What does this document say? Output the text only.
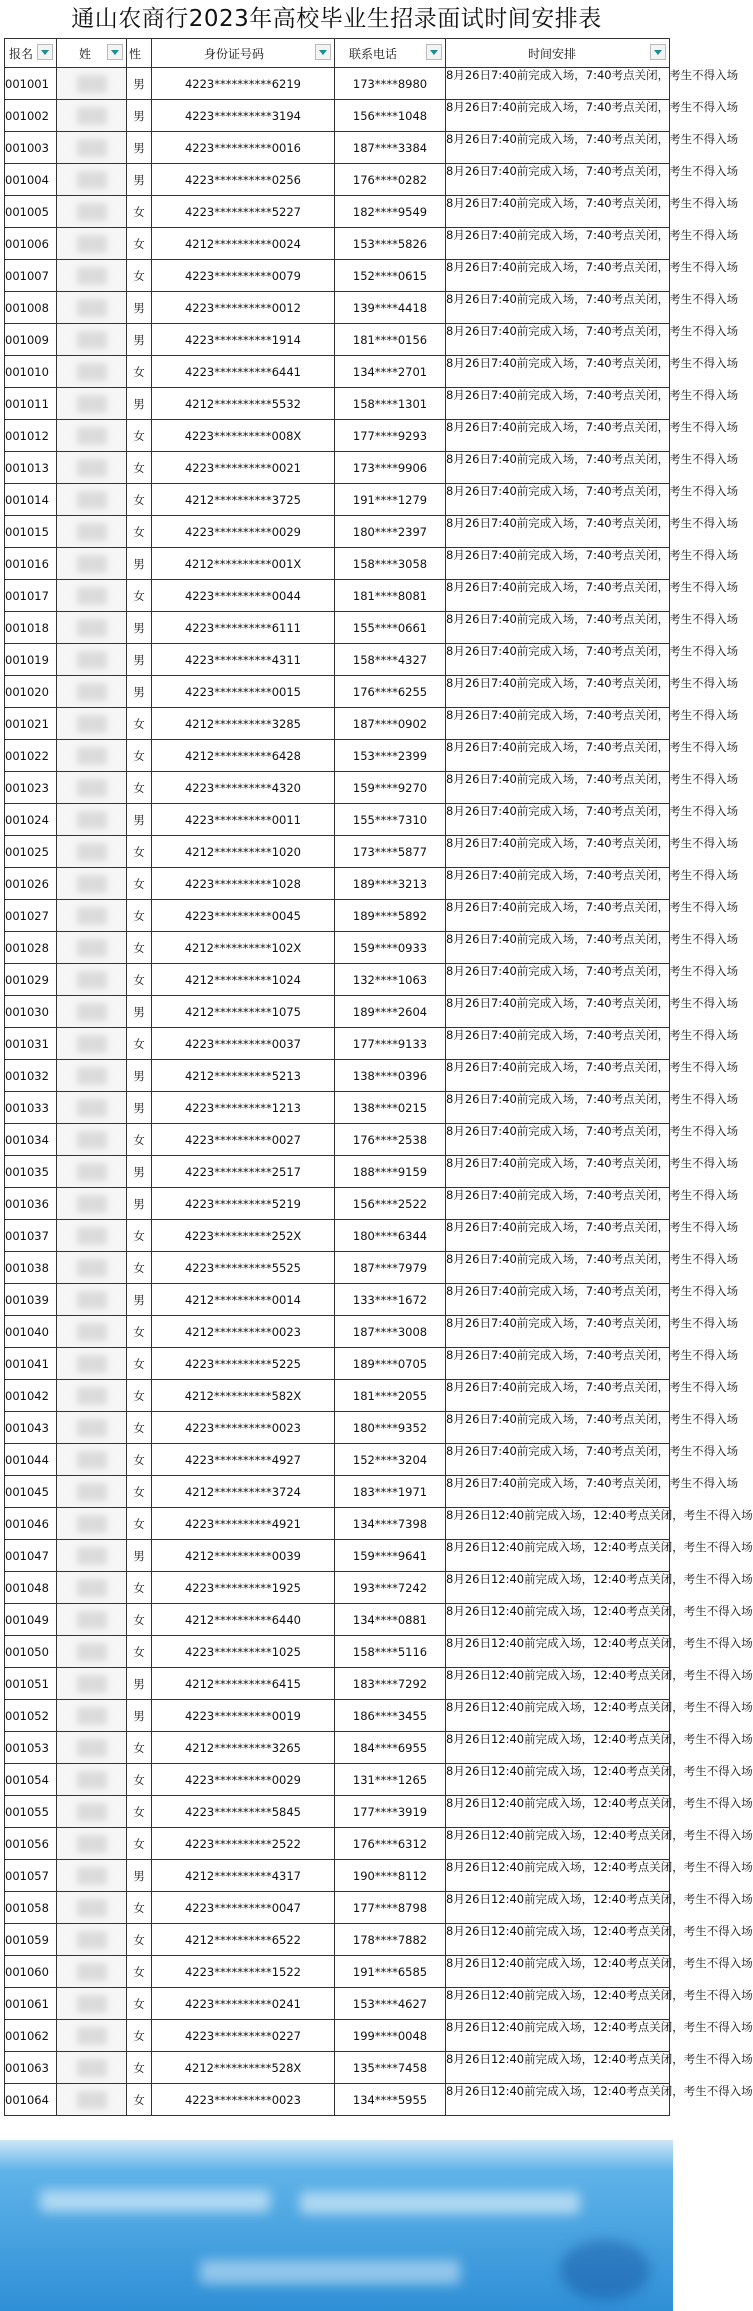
通山农商行2023年高校毕业生招录面试时间安排表
报名	姓	性	身份证号码	联系电话	时间安排

001001		男	4223**********6219	173****8980	8月26日7:40前完成入场，7:40考点关闭，考生不得入场
001002		男	4223**********3194	156****1048	8月26日7:40前完成入场，7:40考点关闭，考生不得入场
001003		男	4223**********0016	187****3384	8月26日7:40前完成入场，7:40考点关闭，考生不得入场
001004		男	4223**********0256	176****0282	8月26日7:40前完成入场，7:40考点关闭，考生不得入场
001005		女	4223**********5227	182****9549	8月26日7:40前完成入场，7:40考点关闭，考生不得入场
001006		女	4212**********0024	153****5826	8月26日7:40前完成入场，7:40考点关闭，考生不得入场
001007		女	4223**********0079	152****0615	8月26日7:40前完成入场，7:40考点关闭，考生不得入场
001008		男	4223**********0012	139****4418	8月26日7:40前完成入场，7:40考点关闭，考生不得入场
001009		男	4223**********1914	181****0156	8月26日7:40前完成入场，7:40考点关闭，考生不得入场
001010		女	4223**********6441	134****2701	8月26日7:40前完成入场，7:40考点关闭，考生不得入场
001011		男	4212**********5532	158****1301	8月26日7:40前完成入场，7:40考点关闭，考生不得入场
001012		女	4223**********008X	177****9293	8月26日7:40前完成入场，7:40考点关闭，考生不得入场
001013		女	4223**********0021	173****9906	8月26日7:40前完成入场，7:40考点关闭，考生不得入场
001014		女	4212**********3725	191****1279	8月26日7:40前完成入场，7:40考点关闭，考生不得入场
001015		女	4223**********0029	180****2397	8月26日7:40前完成入场，7:40考点关闭，考生不得入场
001016		男	4212**********001X	158****3058	8月26日7:40前完成入场，7:40考点关闭，考生不得入场
001017		女	4223**********0044	181****8081	8月26日7:40前完成入场，7:40考点关闭，考生不得入场
001018		男	4223**********6111	155****0661	8月26日7:40前完成入场，7:40考点关闭，考生不得入场
001019		男	4223**********4311	158****4327	8月26日7:40前完成入场，7:40考点关闭，考生不得入场
001020		男	4223**********0015	176****6255	8月26日7:40前完成入场，7:40考点关闭，考生不得入场
001021		女	4212**********3285	187****0902	8月26日7:40前完成入场，7:40考点关闭，考生不得入场
001022		女	4212**********6428	153****2399	8月26日7:40前完成入场，7:40考点关闭，考生不得入场
001023		女	4223**********4320	159****9270	8月26日7:40前完成入场，7:40考点关闭，考生不得入场
001024		男	4223**********0011	155****7310	8月26日7:40前完成入场，7:40考点关闭，考生不得入场
001025		女	4212**********1020	173****5877	8月26日7:40前完成入场，7:40考点关闭，考生不得入场
001026		女	4223**********1028	189****3213	8月26日7:40前完成入场，7:40考点关闭，考生不得入场
001027		女	4223**********0045	189****5892	8月26日7:40前完成入场，7:40考点关闭，考生不得入场
001028		女	4212**********102X	159****0933	8月26日7:40前完成入场，7:40考点关闭，考生不得入场
001029		女	4212**********1024	132****1063	8月26日7:40前完成入场，7:40考点关闭，考生不得入场
001030		男	4212**********1075	189****2604	8月26日7:40前完成入场，7:40考点关闭，考生不得入场
001031		女	4223**********0037	177****9133	8月26日7:40前完成入场，7:40考点关闭，考生不得入场
001032		男	4212**********5213	138****0396	8月26日7:40前完成入场，7:40考点关闭，考生不得入场
001033		男	4223**********1213	138****0215	8月26日7:40前完成入场，7:40考点关闭，考生不得入场
001034		女	4223**********0027	176****2538	8月26日7:40前完成入场，7:40考点关闭，考生不得入场
001035		男	4223**********2517	188****9159	8月26日7:40前完成入场，7:40考点关闭，考生不得入场
001036		男	4223**********5219	156****2522	8月26日7:40前完成入场，7:40考点关闭，考生不得入场
001037		女	4223**********252X	180****6344	8月26日7:40前完成入场，7:40考点关闭，考生不得入场
001038		女	4223**********5525	187****7979	8月26日7:40前完成入场，7:40考点关闭，考生不得入场
001039		男	4212**********0014	133****1672	8月26日7:40前完成入场，7:40考点关闭，考生不得入场
001040		女	4212**********0023	187****3008	8月26日7:40前完成入场，7:40考点关闭，考生不得入场
001041		女	4223**********5225	189****0705	8月26日7:40前完成入场，7:40考点关闭，考生不得入场
001042		女	4212**********582X	181****2055	8月26日7:40前完成入场，7:40考点关闭，考生不得入场
001043		女	4223**********0023	180****9352	8月26日7:40前完成入场，7:40考点关闭，考生不得入场
001044		女	4223**********4927	152****3204	8月26日7:40前完成入场，7:40考点关闭，考生不得入场
001045		女	4212**********3724	183****1971	8月26日7:40前完成入场，7:40考点关闭，考生不得入场
001046		女	4223**********4921	134****7398	8月26日12:40前完成入场，12:40考点关闭，考生不得入场
001047		男	4212**********0039	159****9641	8月26日12:40前完成入场，12:40考点关闭，考生不得入场
001048		女	4223**********1925	193****7242	8月26日12:40前完成入场，12:40考点关闭，考生不得入场
001049		女	4212**********6440	134****0881	8月26日12:40前完成入场，12:40考点关闭，考生不得入场
001050		女	4223**********1025	158****5116	8月26日12:40前完成入场，12:40考点关闭，考生不得入场
001051		男	4212**********6415	183****7292	8月26日12:40前完成入场，12:40考点关闭，考生不得入场
001052		男	4223**********0019	186****3455	8月26日12:40前完成入场，12:40考点关闭，考生不得入场
001053		女	4212**********3265	184****6955	8月26日12:40前完成入场，12:40考点关闭，考生不得入场
001054		女	4223**********0029	131****1265	8月26日12:40前完成入场，12:40考点关闭，考生不得入场
001055		女	4223**********5845	177****3919	8月26日12:40前完成入场，12:40考点关闭，考生不得入场
001056		女	4223**********2522	176****6312	8月26日12:40前完成入场，12:40考点关闭，考生不得入场
001057		男	4212**********4317	190****8112	8月26日12:40前完成入场，12:40考点关闭，考生不得入场
001058		女	4223**********0047	177****8798	8月26日12:40前完成入场，12:40考点关闭，考生不得入场
001059		女	4212**********6522	178****7882	8月26日12:40前完成入场，12:40考点关闭，考生不得入场
001060		女	4223**********1522	191****6585	8月26日12:40前完成入场，12:40考点关闭，考生不得入场
001061		女	4223**********0241	153****4627	8月26日12:40前完成入场，12:40考点关闭，考生不得入场
001062		女	4223**********0227	199****0048	8月26日12:40前完成入场，12:40考点关闭，考生不得入场
001063		女	4212**********528X	135****7458	8月26日12:40前完成入场，12:40考点关闭，考生不得入场
001064		女	4223**********0023	134****5955	8月26日12:40前完成入场，12:40考点关闭，考生不得入场
